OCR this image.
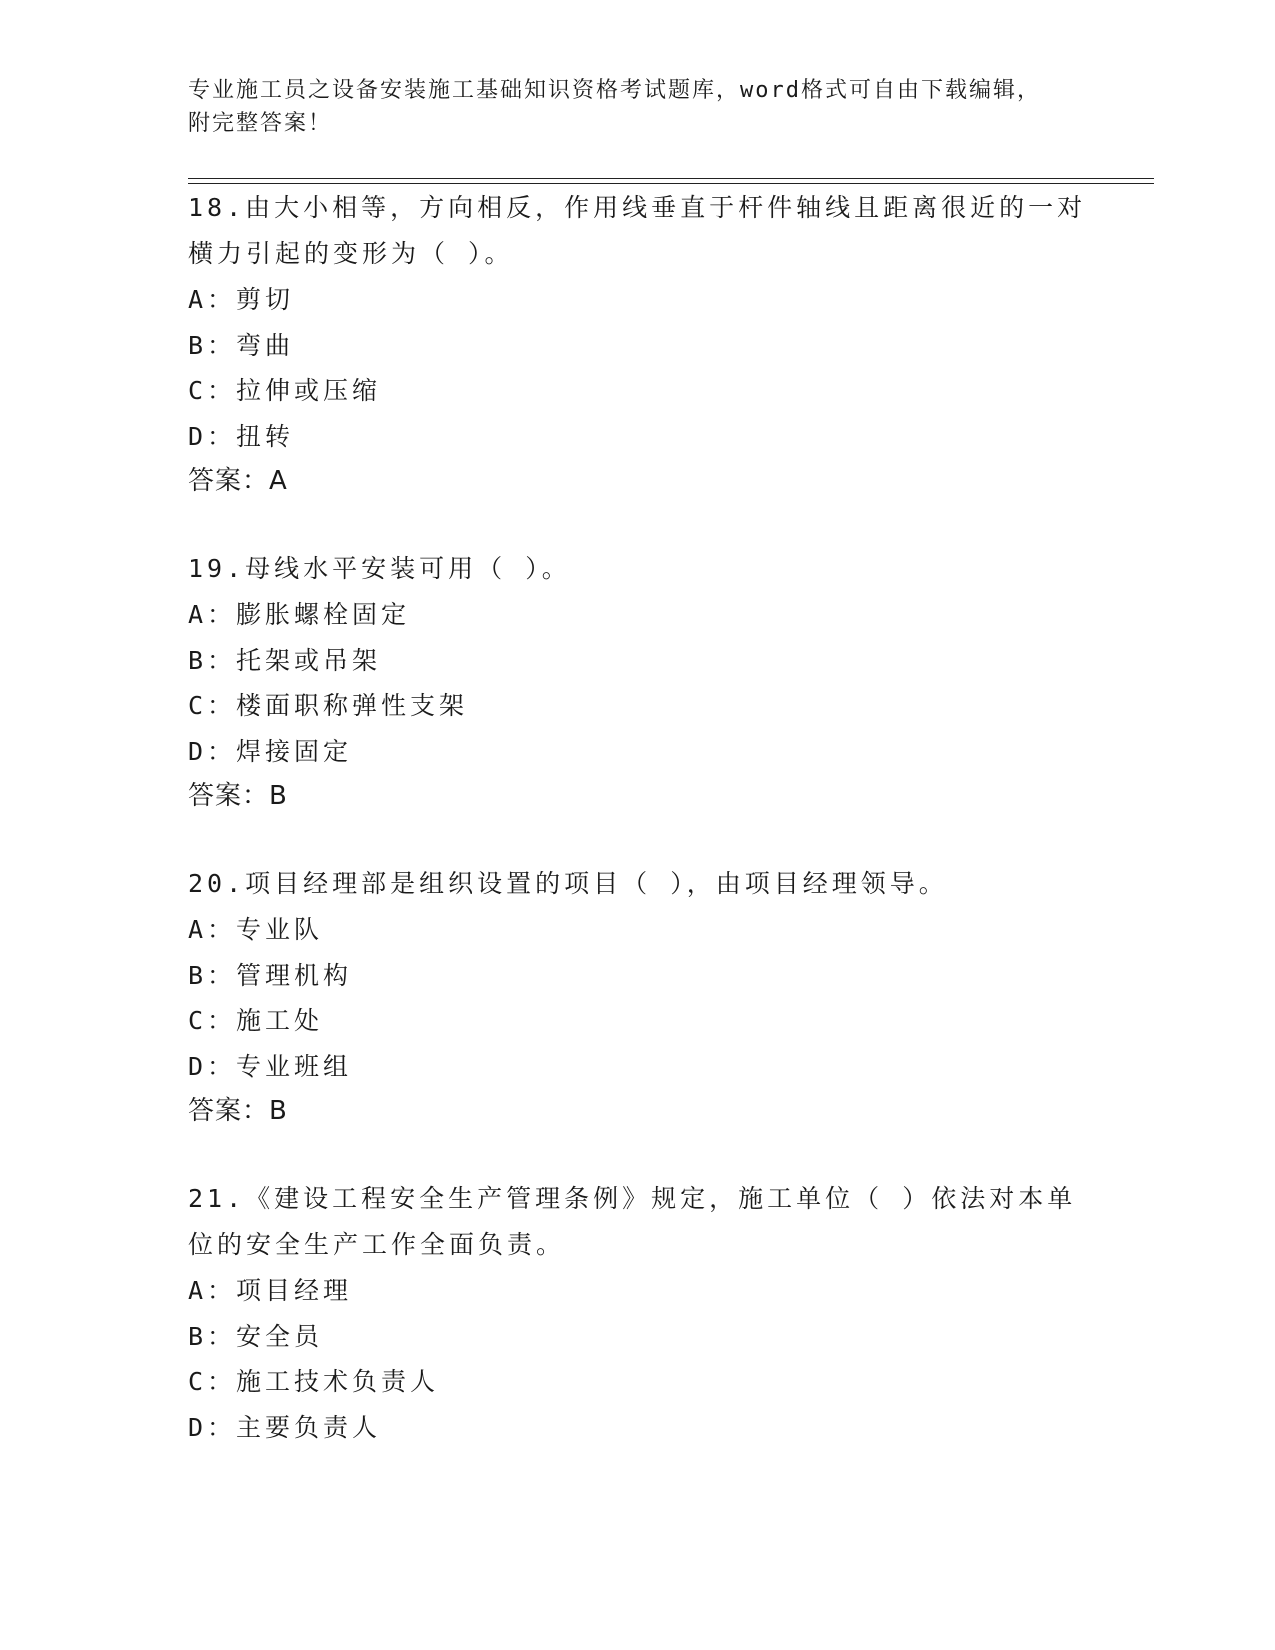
专业施工员之设备安装施工基础知识资格考试题库，word格式可自由下载编辑，
附完整答案！
18.由大小相等，方向相反，作用线垂直于杆件轴线且距离很近的一对
横力引起的变形为（ ）。
A：剪切
B：弯曲
C：拉伸或压缩
D：扭转
答案：A
19.母线水平安装可用（ ）。
A：膨胀螺栓固定
B：托架或吊架
C：楼面职称弹性支架
D：焊接固定
答案：B
20.项目经理部是组织设置的项目（ ），由项目经理领导。
A：专业队
B：管理机构
C：施工处
D：专业班组
答案：B
21.《建设工程安全生产管理条例》规定，施工单位（ ）依法对本单
位的安全生产工作全面负责。
A：项目经理
B：安全员
C：施工技术负责人
D：主要负责人
